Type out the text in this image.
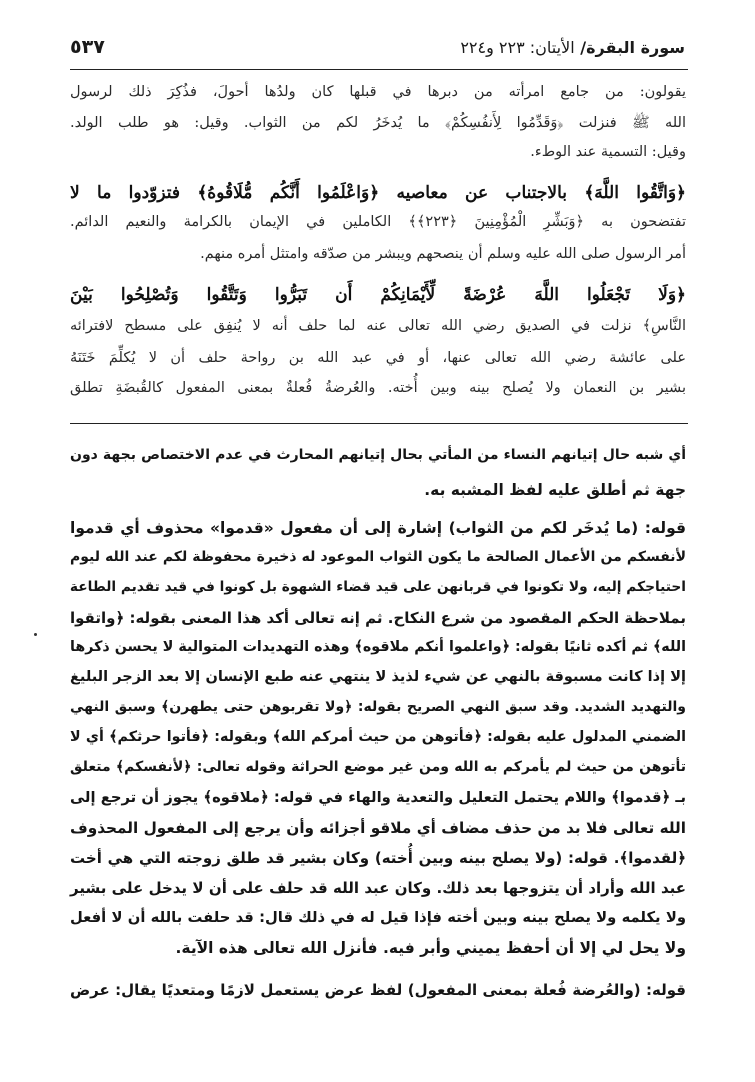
سورة البقرة/ الأيتان: ٢٢٣ و٢٢٤
٥٣٧
يقولون: من جامع امرأته من دبرها في قبلها كان ولدُها أحولَ، فذُكِرَ ذلك لرسول
الله ﷺ فنزلت ﴿وَقَدِّمُوا لِأَنفُسِكُمْ﴾ ما يُدخَرُ لكم من الثواب. وقيل: هو طلب الولد.
وقيل: التسمية عند الوطء.
﴿وَاتَّقُوا اللَّهَ﴾ بالاجتناب عن معاصيه ﴿وَاعْلَمُوا أَنَّكُم مُّلَاقُوهُ﴾ فتزوّدوا ما لا
تفتضحون به ﴿وَبَشِّرِ الْمُؤْمِنِينَ ﴿٢٢٣﴾﴾ الكاملين في الإيمان بالكرامة والنعيم الدائم.
أمر الرسول صلى الله عليه وسلم أن ينصحهم ويبشر من صدّقه وامتثل أمره منهم.
﴿وَلَا تَجْعَلُوا اللَّهَ عُرْضَةً لِّأَيْمَانِكُمْ أَن تَبَرُّوا وَتَتَّقُوا وَتُصْلِحُوا بَيْنَ
النَّاسِ﴾ نزلت في الصديق رضي الله تعالى عنه لما حلف أنه لا يُنفِق على مسطح لافترائه
على عائشة رضي الله تعالى عنها، أو في عبد الله بن رواحة حلف أن لا يُكلِّمَ خَتَنَهُ
بشير بن النعمان ولا يُصلح بينه وبين أُخته. والعُرضةُ فُعلةٌ بمعنى المفعول كالقُبضَةِ تطلق
أي شبه حال إتيانهم النساء من المأتي بحال إتيانهم المحارث في عدم الاختصاص بجهة دون
جهة ثم أطلق عليه لفظ المشبه به.
قوله: (ما يُدخَر لكم من الثواب) إشارة إلى أن مفعول «قدموا» محذوف أي قدموا
لأنفسكم من الأعمال الصالحة ما يكون الثواب الموعود له ذخيرة محفوظة لكم عند الله ليوم
احتياجكم إليه، ولا تكونوا في قربانهن على قيد قضاء الشهوة بل كونوا في قيد تقديم الطاعة
بملاحظة الحكم المقصود من شرع النكاح. ثم إنه تعالى أكد هذا المعنى بقوله: ﴿واتقوا
الله﴾ ثم أكده ثانيًا بقوله: ﴿واعلموا أنكم ملاقوه﴾ وهذه التهديدات المتوالية لا يحسن ذكرها
إلا إذا كانت مسبوقة بالنهي عن شيء لذيذ لا ينتهي عنه طبع الإنسان إلا بعد الزجر البليغ
والتهديد الشديد. وقد سبق النهي الصريح بقوله: ﴿ولا تقربوهن حتى يطهرن﴾ وسبق النهي
الضمني المدلول عليه بقوله: ﴿فأتوهن من حيث أمركم الله﴾ وبقوله: ﴿فأتوا حرثكم﴾ أي لا
تأتوهن من حيث لم يأمركم به الله ومن غير موضع الحراثة وقوله تعالى: ﴿لأنفسكم﴾ متعلق
بـ ﴿قدموا﴾ واللام يحتمل التعليل والتعدية والهاء في قوله: ﴿ملاقوه﴾ يجوز أن ترجع إلى
الله تعالى فلا بد من حذف مضاف أي ملاقو أجزائه وأن يرجع إلى المفعول المحذوف
﴿لقدموا﴾. قوله: (ولا يصلح بينه وبين أُخته) وكان بشير قد طلق زوجته التي هي أخت
عبد الله وأراد أن يتزوجها بعد ذلك. وكان عبد الله قد حلف على أن لا يدخل على بشير
ولا يكلمه ولا يصلح بينه وبين أخته فإذا قيل له في ذلك قال: قد حلفت بالله أن لا أفعل
ولا يحل لي إلا أن أحفظ يميني وأبر فيه. فأنزل الله تعالى هذه الآية.
قوله: (والعُرضة فُعلة بمعنى المفعول) لفظ عرض يستعمل لازمًا ومتعديًا يقال: عرض
